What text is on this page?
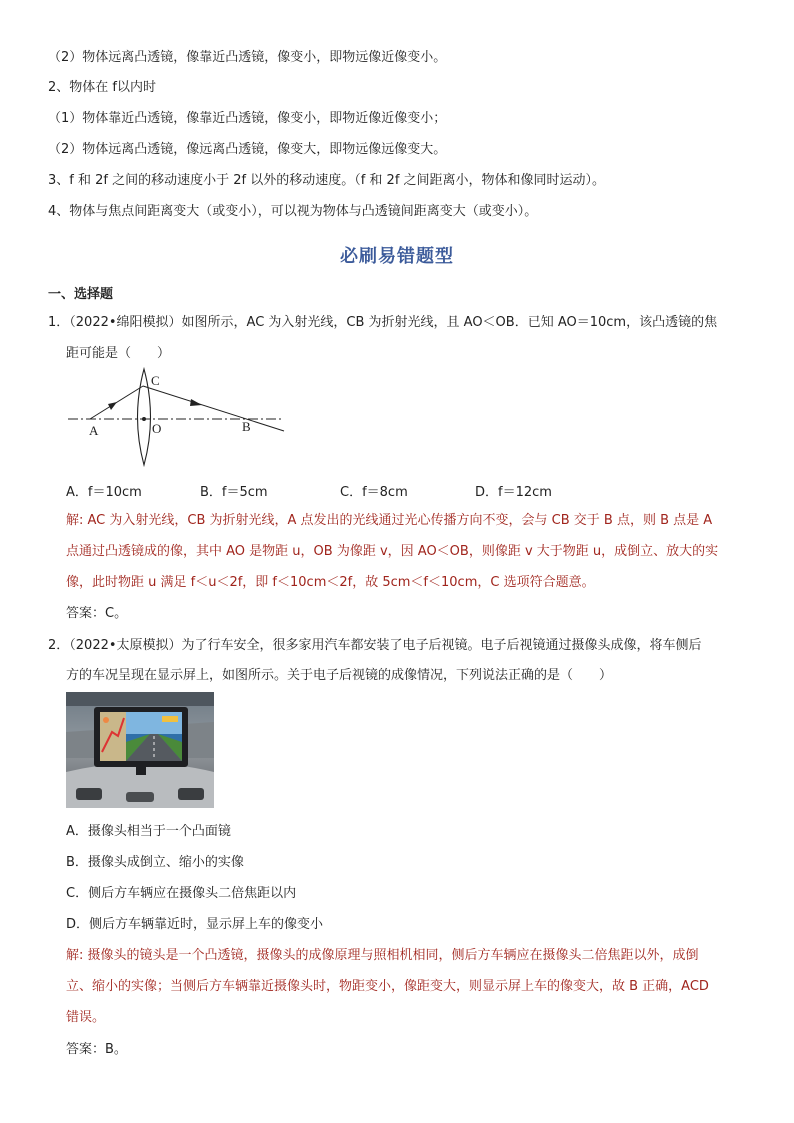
（2）物体远离凸透镜，像靠近凸透镜，像变小，即物远像近像变小。
2、物体在 f以内时
（1）物体靠近凸透镜，像靠近凸透镜，像变小，即物近像近像变小；
（2）物体远离凸透镜，像远离凸透镜，像变大，即物远像远像变大。
3、f 和 2f 之间的移动速度小于 2f 以外的移动速度。（f 和 2f 之间距离小，物体和像同时运动）。
4、物体与焦点间距离变大（或变小），可以视为物体与凸透镜间距离变大（或变小）。
必刷易错题型
一、选择题
1．（2022•绵阳模拟）如图所示，AC 为入射光线，CB 为折射光线，且 AO＜OB．已知 AO＝10cm，该凸透镜的焦
距可能是（　　）
A
C
O	B
A．f＝10cm	B．f＝5cm	C．f＝8cm	D．f＝12cm
解: AC 为入射光线，CB 为折射光线，A 点发出的光线通过光心传播方向不变，会与 CB 交于 B 点，则 B 点是 A
点通过凸透镜成的像，其中 AO 是物距 u，OB 为像距 v，因 AO＜OB，则像距 v 大于物距 u，成倒立、放大的实
像，此时物距 u 满足 f＜u＜2f，即 f＜10cm＜2f，故 5cm＜f＜10cm，C 选项符合题意。
答案：C。
2．（2022•太原模拟）为了行车安全，很多家用汽车都安装了电子后视镜。电子后视镜通过摄像头成像，将车侧后
方的车况呈现在显示屏上，如图所示。关于电子后视镜的成像情况，下列说法正确的是（　　）
A．摄像头相当于一个凸面镜
B．摄像头成倒立、缩小的实像
C．侧后方车辆应在摄像头二倍焦距以内
D．侧后方车辆靠近时，显示屏上车的像变小
解: 摄像头的镜头是一个凸透镜，摄像头的成像原理与照相机相同，侧后方车辆应在摄像头二倍焦距以外，成倒
立、缩小的实像；当侧后方车辆靠近摄像头时，物距变小，像距变大，则显示屏上车的像变大，故 B 正确，ACD
错误。
答案：B。
